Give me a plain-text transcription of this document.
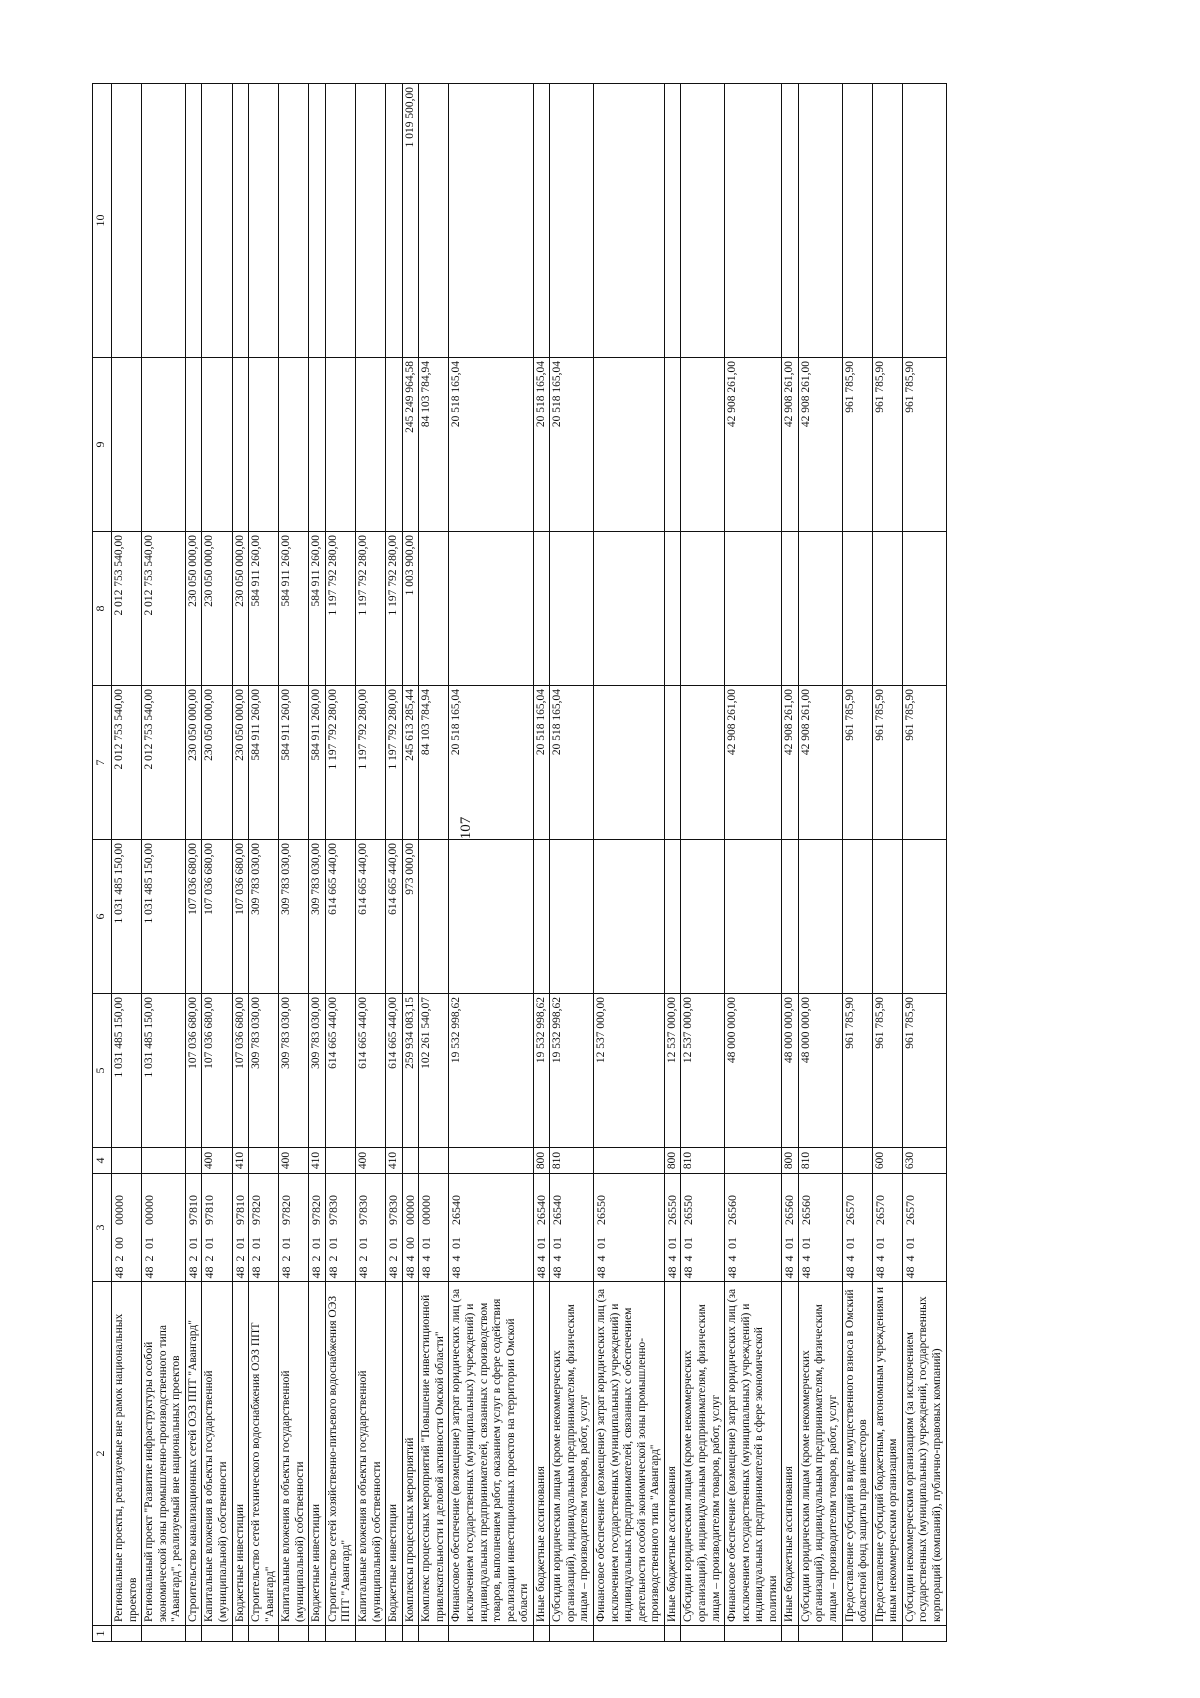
107
1	2	3	4	5	6	7	8	9	10
	Региональные проекты, реализуемые вне рамок национальных проектов	4820000000		1 031 485 150,00	1 031 485 150,00	2 012 753 540,00	2 012 753 540,00		
	Региональный проект "Развитие инфраструктуры особой экономической зоны промышленно-производственного типа "Авангард", реализуемый вне национальных проектов	4820100000		1 031 485 150,00	1 031 485 150,00	2 012 753 540,00	2 012 753 540,00		
	Строительство канализационных сетей ОЭЗ ППТ "Авангард"	4820197810		107 036 680,00	107 036 680,00	230 050 000,00	230 050 000,00		
	Капитальные вложения в объекты государственной (муниципальной) собственности	4820197810	400	107 036 680,00	107 036 680,00	230 050 000,00	230 050 000,00		
	Бюджетные инвестиции	4820197810	410	107 036 680,00	107 036 680,00	230 050 000,00	230 050 000,00		
	Строительство сетей технического водоснабжения ОЭЗ ППТ "Авангард"	4820197820		309 783 030,00	309 783 030,00	584 911 260,00	584 911 260,00		
	Капитальные вложения в объекты государственной (муниципальной) собственности	4820197820	400	309 783 030,00	309 783 030,00	584 911 260,00	584 911 260,00		
	Бюджетные инвестиции	4820197820	410	309 783 030,00	309 783 030,00	584 911 260,00	584 911 260,00		
	Строительство сетей хозяйственно-питьевого водоснабжения ОЭЗ ППТ "Авангард"	4820197830		614 665 440,00	614 665 440,00	1 197 792 280,00	1 197 792 280,00		
	Капитальные вложения в объекты государственной (муниципальной) собственности	4820197830	400	614 665 440,00	614 665 440,00	1 197 792 280,00	1 197 792 280,00		
	Бюджетные инвестиции	4820197830	410	614 665 440,00	614 665 440,00	1 197 792 280,00	1 197 792 280,00		
	Комплексы процессных мероприятий	4840000000		259 934 083,15	973 000,00	245 613 285,44	1 003 900,00	245 249 964,58	1 019 500,00
	Комплекс процессных мероприятий "Повышение инвестиционной привлекательности и деловой активности Омской области"	4840100000		102 261 540,07		84 103 784,94		84 103 784,94	
	Финансовое обеспечение (возмещение) затрат юридических лиц (за исключением государственных (муниципальных) учреждений) и индивидуальных предпринимателей, связанных с производством товаров, выполнением работ, оказанием услуг в сфере содействия реализации инвестиционных проектов на территории Омской области	4840126540		19 532 998,62		20 518 165,04		20 518 165,04	
	Иные бюджетные ассигнования	4840126540	800	19 532 998,62		20 518 165,04		20 518 165,04	
	Субсидии юридическим лицам (кроме некоммерческих организаций), индивидуальным предпринимателям, физическим лицам – производителям товаров, работ, услуг	4840126540	810	19 532 998,62		20 518 165,04		20 518 165,04	
	Финансовое обеспечение (возмещение) затрат юридических лиц (за исключением государственных (муниципальных) учреждений) и индивидуальных предпринимателей, связанных с обеспечением деятельности особой экономической зоны промышленно-производственного типа "Авангард"	4840126550		12 537 000,00					
	Иные бюджетные ассигнования	4840126550	800	12 537 000,00					
	Субсидии юридическим лицам (кроме некоммерческих организаций), индивидуальным предпринимателям, физическим лицам – производителям товаров, работ, услуг	4840126550	810	12 537 000,00					
	Финансовое обеспечение (возмещение) затрат юридических лиц (за исключением государственных (муниципальных) учреждений) и индивидуальных предпринимателей в сфере экономической политики	4840126560		48 000 000,00		42 908 261,00		42 908 261,00	
	Иные бюджетные ассигнования	4840126560	800	48 000 000,00		42 908 261,00		42 908 261,00	
	Субсидии юридическим лицам (кроме некоммерческих организаций), индивидуальным предпринимателям, физическим лицам – производителям товаров, работ, услуг	4840126560	810	48 000 000,00		42 908 261,00		42 908 261,00	
	Предоставление субсидий в виде имущественного взноса в Омский областной фонд защиты прав инвесторов	4840126570		961 785,90		961 785,90		961 785,90	
	Предоставление субсидий бюджетным, автономным учреждениям и иным некоммерческим организациям	4840126570	600	961 785,90		961 785,90		961 785,90	
	Субсидии некоммерческим организациям (за исключением государственных (муниципальных) учреждений, государственных корпораций (компаний), публично-правовых компаний)	4840126570	630	961 785,90		961 785,90		961 785,90	
